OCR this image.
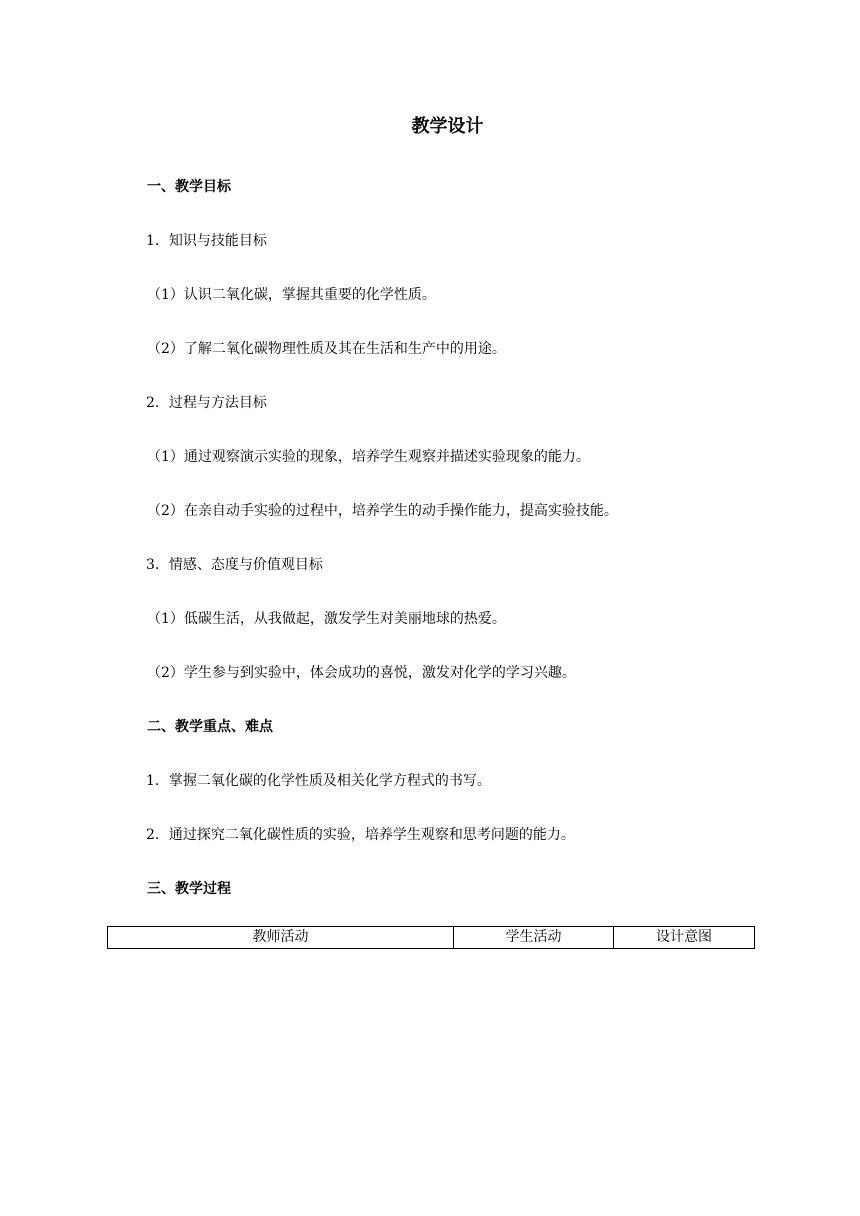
教学设计
一、教学目标
1．知识与技能目标
（1）认识二氧化碳，掌握其重要的化学性质。
（2）了解二氧化碳物理性质及其在生活和生产中的用途。
2．过程与方法目标
（1）通过观察演示实验的现象，培养学生观察并描述实验现象的能力。
（2）在亲自动手实验的过程中，培养学生的动手操作能力，提高实验技能。
3．情感、态度与价值观目标
（1）低碳生活，从我做起，激发学生对美丽地球的热爱。
（2）学生参与到实验中，体会成功的喜悦，激发对化学的学习兴趣。
二、教学重点、难点
1．掌握二氧化碳的化学性质及相关化学方程式的书写。
2．通过探究二氧化碳性质的实验，培养学生观察和思考问题的能力。
三、教学过程
教师活动	学生活动	设计意图
